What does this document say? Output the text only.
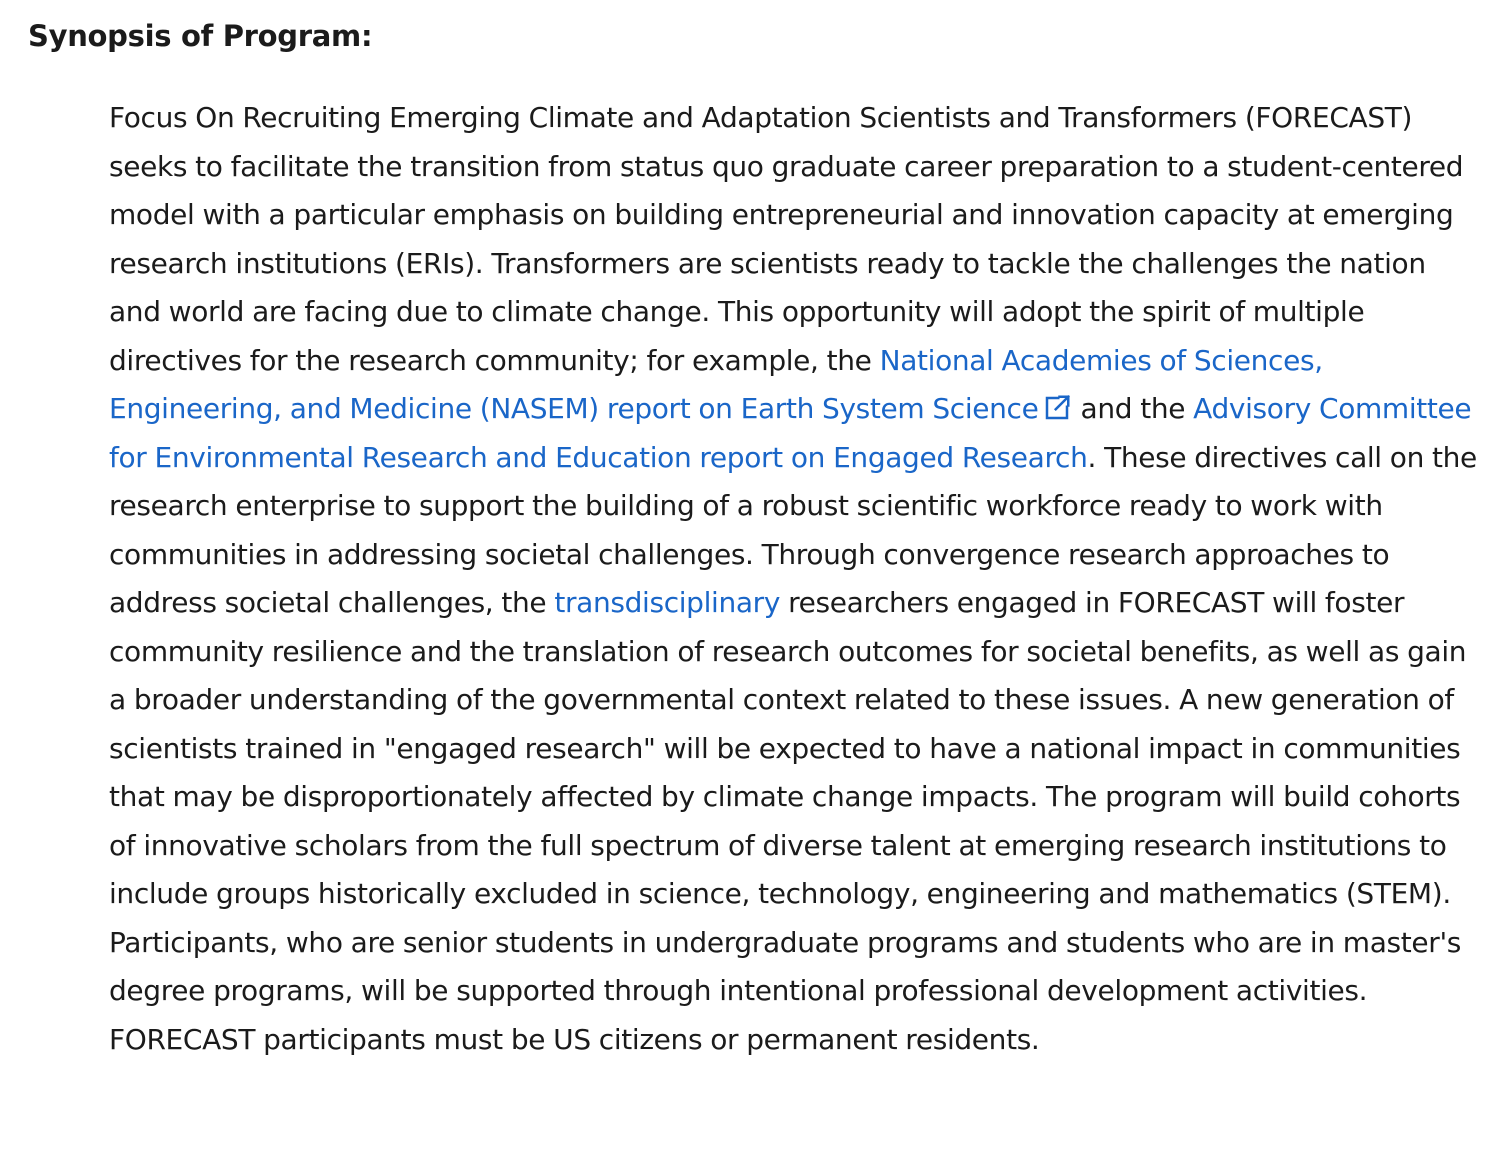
Synopsis of Program:

Focus On Recruiting Emerging Climate and Adaptation Scientists and Transformers (FORECAST) seeks to facilitate the transition from status quo graduate career preparation to a student-centered model with a particular emphasis on building entrepreneurial and innovation capacity at emerging research institutions (ERIs). Transformers are scientists ready to tackle the challenges the nation and world are facing due to climate change. This opportunity will adopt the spirit of multiple directives for the research community; for example, the National Academies of Sciences, Engineering, and Medicine (NASEM) report on Earth System Science
and the Advisory Committee for Environmental Research and Education report on Engaged Research. These directives call on the research enterprise to support the building of a robust scientific workforce ready to work with communities in addressing societal challenges. Through convergence research approaches to address societal challenges, the transdisciplinary researchers engaged in FORECAST will foster community resilience and the translation of research outcomes for societal benefits, as well as gain a broader understanding of the governmental context related to these issues. A new generation of scientists trained in "engaged research" will be expected to have a national impact in communities that may be disproportionately affected by climate change impacts. The program will build cohorts of innovative scholars from the full spectrum of diverse talent at emerging research institutions to include groups historically excluded in science, technology, engineering and mathematics (STEM). Participants, who are senior students in undergraduate programs and students who are in master's degree programs, will be supported through intentional professional development activities. FORECAST participants must be US citizens or permanent residents.
